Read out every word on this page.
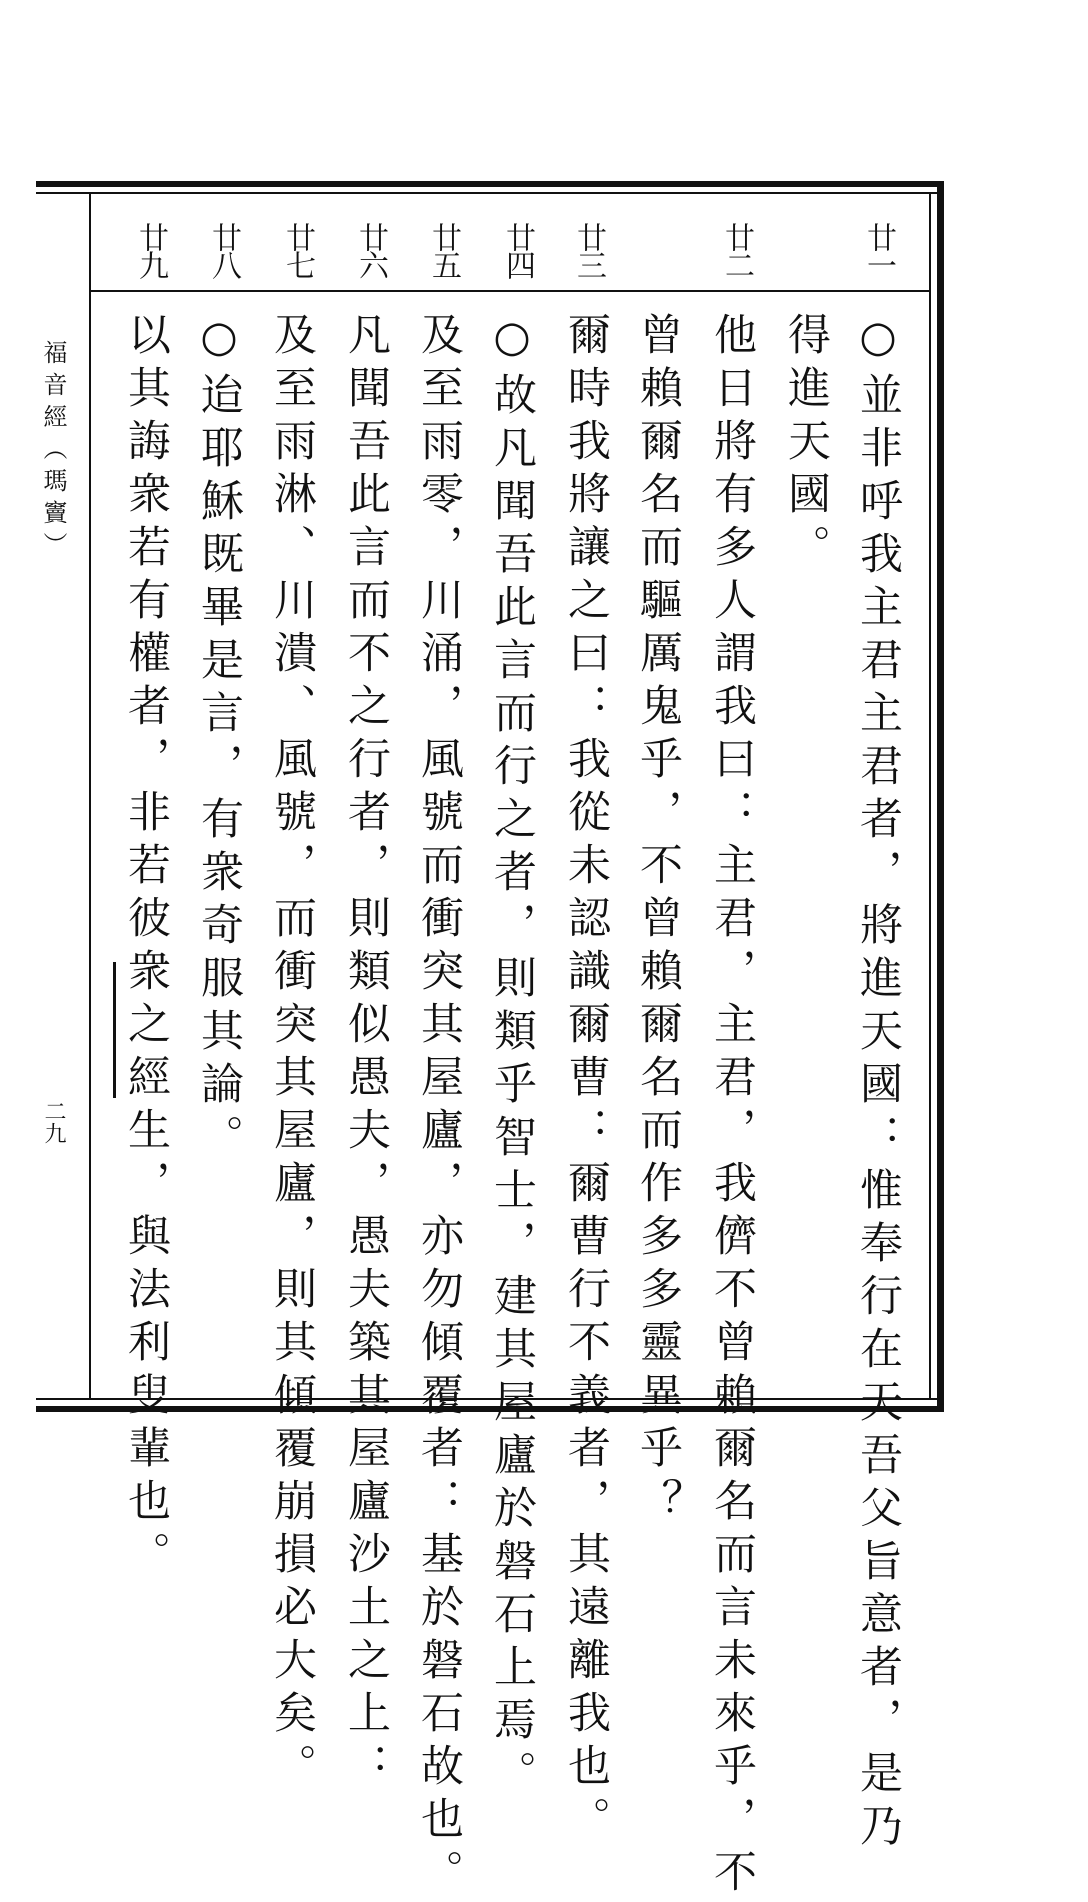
福音經（瑪竇）
二九
廿一
廿二
廿三
廿四
廿五
廿六
廿七
廿八
廿九
○並非呼我主君主君者，將進天國：惟奉行在天吾父旨意者，是乃
得進天國。
他日將有多人謂我曰：主君，主君，我儕不曾賴爾名而言未來乎，不
曾賴爾名而驅厲鬼乎，不曾賴爾名而作多多靈異乎？
爾時我將讓之曰：我從未認識爾曹：爾曹行不義者，其遠離我也。
○故凡聞吾此言而行之者，則類乎智士，建其屋廬於磐石上焉。
及至雨零，川涌，風號而衝突其屋廬，亦勿傾覆者：基於磐石故也。
凡聞吾此言而不之行者，則類似愚夫，愚夫築其屋廬沙土之上：
及至雨淋、川潰、風號，而衝突其屋廬，則其傾覆崩損必大矣。
○迨耶穌既畢是言，有衆奇服其論。
以其誨衆若有權者，非若彼衆之經生，與法利叟輩也。
